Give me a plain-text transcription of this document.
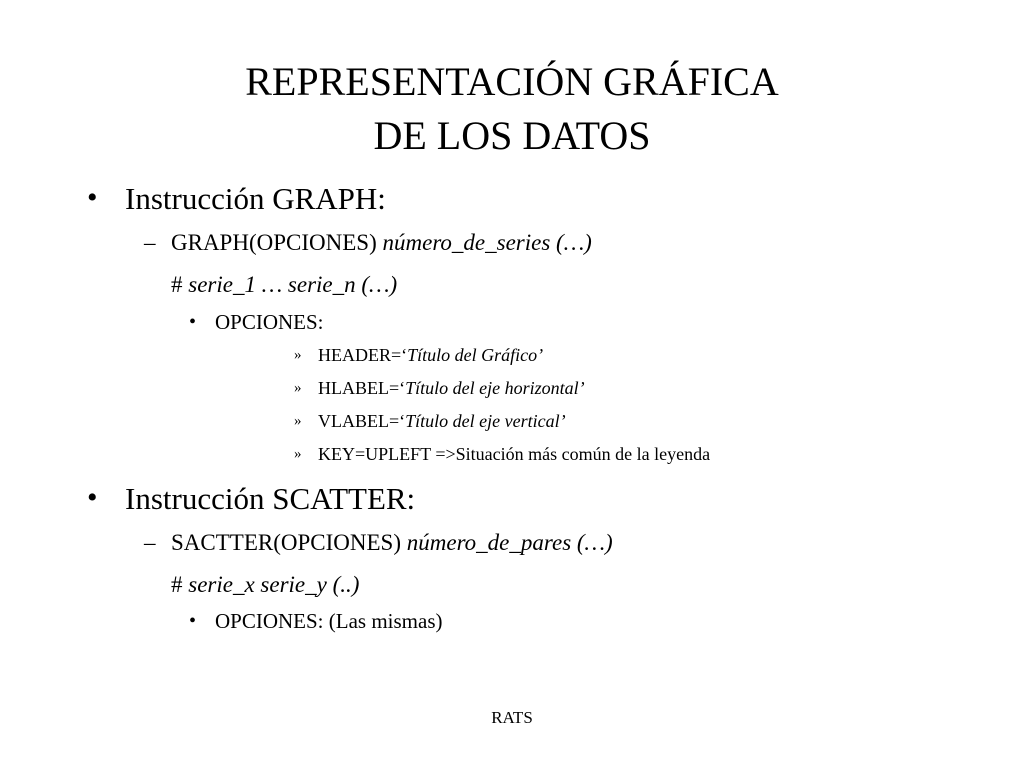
REPRESENTACIÓN GRÁFICA
DE LOS DATOS
• Instrucción GRAPH:
– GRAPH(OPCIONES) número_de_series (…)
# serie_1 … serie_n (…)
• OPCIONES:
» HEADER=‘Título del Gráfico’
» HLABEL=‘Título del eje horizontal’
» VLABEL=‘Título del eje vertical’
» KEY=UPLEFT =>Situación más común de la leyenda
• Instrucción SCATTER:
– SACTTER(OPCIONES) número_de_pares (…)
# serie_x serie_y (..)
• OPCIONES: (Las mismas)
RATS
